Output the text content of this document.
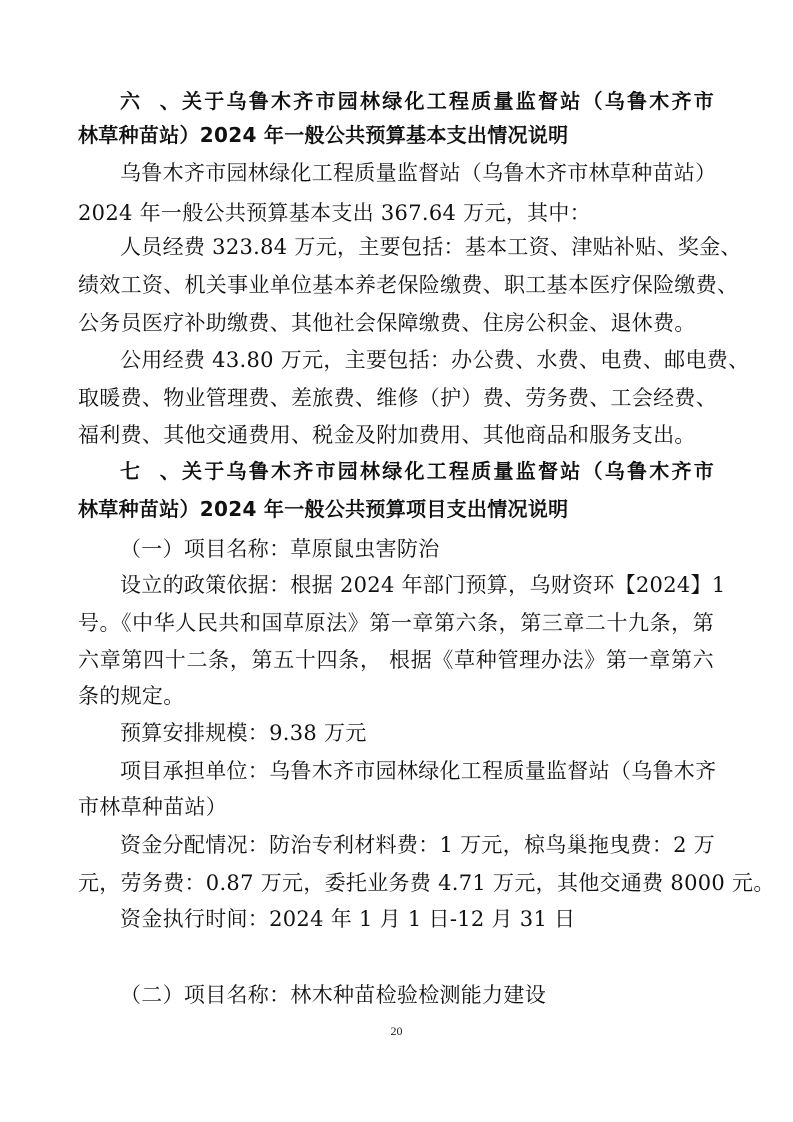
六、关于乌鲁木齐市园林绿化工程质量监督站（乌鲁木齐市
林草种苗站）2024 年一般公共预算基本支出情况说明
乌鲁木齐市园林绿化工程质量监督站（乌鲁木齐市林草种苗站）
2024 年一般公共预算基本支出 367.64 万元，其中：
人员经费 323.84 万元，主要包括：基本工资、津贴补贴、奖金、
绩效工资、机关事业单位基本养老保险缴费、职工基本医疗保险缴费、
公务员医疗补助缴费、其他社会保障缴费、住房公积金、退休费。
公用经费 43.80 万元，主要包括：办公费、水费、电费、邮电费、
取暖费、物业管理费、差旅费、维修（护）费、劳务费、工会经费、
福利费、其他交通费用、税金及附加费用、其他商品和服务支出。
七、关于乌鲁木齐市园林绿化工程质量监督站（乌鲁木齐市
林草种苗站）2024 年一般公共预算项目支出情况说明
（一）项目名称：草原鼠虫害防治
设立的政策依据：根据 2024 年部门预算，乌财资环【2024】1
号。《中华人民共和国草原法》第一章第六条，第三章二十九条，第
六章第四十二条，第五十四条， 根据《草种管理办法》第一章第六
条的规定。
预算安排规模：9.38 万元
项目承担单位：乌鲁木齐市园林绿化工程质量监督站（乌鲁木齐
市林草种苗站）
资金分配情况：防治专利材料费：1 万元，椋鸟巢拖曳费：2 万
元，劳务费：0.87 万元，委托业务费 4.71 万元，其他交通费 8000 元。
资金执行时间：2024 年 1 月 1 日-12 月 31 日
（二）项目名称：林木种苗检验检测能力建设
20
